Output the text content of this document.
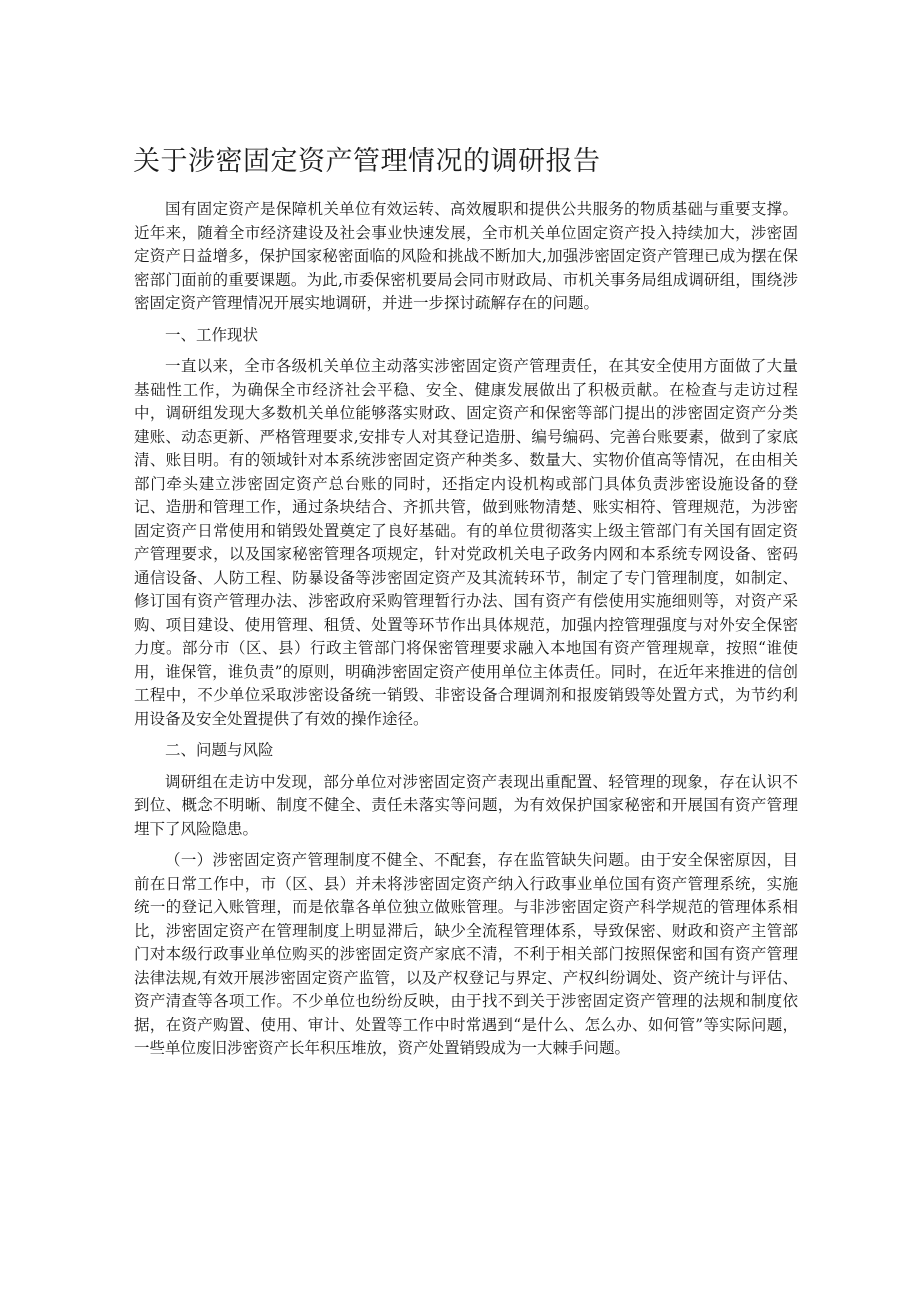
关于涉密固定资产管理情况的调研报告

国有固定资产是保障机关单位有效运转、高效履职和提供公共服务的物质基础与重要支撑。近年来，随着全市经济建设及社会事业快速发展，全市机关单位固定资产投入持续加大，涉密固定资产日益增多，保护国家秘密面临的风险和挑战不断加大,加强涉密固定资产管理已成为摆在保密部门面前的重要课题。为此,市委保密机要局会同市财政局、市机关事务局组成调研组，围绕涉密固定资产管理情况开展实地调研，并进一步探讨疏解存在的问题。

一、工作现状

一直以来，全市各级机关单位主动落实涉密固定资产管理责任，在其安全使用方面做了大量基础性工作，为确保全市经济社会平稳、安全、健康发展做出了积极贡献。在检查与走访过程中，调研组发现大多数机关单位能够落实财政、固定资产和保密等部门提出的涉密固定资产分类建账、动态更新、严格管理要求,安排专人对其登记造册、编号编码、完善台账要素，做到了家底清、账目明。有的领域针对本系统涉密固定资产种类多、数量大、实物价值高等情况，在由相关部门牵头建立涉密固定资产总台账的同时，还指定内设机构或部门具体负责涉密设施设备的登记、造册和管理工作，通过条块结合、齐抓共管，做到账物清楚、账实相符、管理规范，为涉密固定资产日常使用和销毁处置奠定了良好基础。有的单位贯彻落实上级主管部门有关国有固定资产管理要求，以及国家秘密管理各项规定，针对党政机关电子政务内网和本系统专网设备、密码通信设备、人防工程、防暴设备等涉密固定资产及其流转环节，制定了专门管理制度，如制定、修订国有资产管理办法、涉密政府采购管理暂行办法、国有资产有偿使用实施细则等，对资产采购、项目建设、使用管理、租赁、处置等环节作出具体规范，加强内控管理强度与对外安全保密力度。部分市（区、县）行政主管部门将保密管理要求融入本地国有资产管理规章，按照“谁使用，谁保管，谁负责”的原则，明确涉密固定资产使用单位主体责任。同时，在近年来推进的信创工程中，不少单位采取涉密设备统一销毁、非密设备合理调剂和报废销毁等处置方式，为节约利用设备及安全处置提供了有效的操作途径。

二、问题与风险

调研组在走访中发现，部分单位对涉密固定资产表现出重配置、轻管理的现象，存在认识不到位、概念不明晰、制度不健全、责任未落实等问题，为有效保护国家秘密和开展国有资产管理埋下了风险隐患。

（一）涉密固定资产管理制度不健全、不配套，存在监管缺失问题。由于安全保密原因，目前在日常工作中，市（区、县）并未将涉密固定资产纳入行政事业单位国有资产管理系统，实施统一的登记入账管理，而是依靠各单位独立做账管理。与非涉密固定资产科学规范的管理体系相比，涉密固定资产在管理制度上明显滞后，缺少全流程管理体系，导致保密、财政和资产主管部门对本级行政事业单位购买的涉密固定资产家底不清，不利于相关部门按照保密和国有资产管理法律法规,有效开展涉密固定资产监管，以及产权登记与界定、产权纠纷调处、资产统计与评估、资产清查等各项工作。不少单位也纷纷反映，由于找不到关于涉密固定资产管理的法规和制度依据，在资产购置、使用、审计、处置等工作中时常遇到“是什么、怎么办、如何管”等实际问题，一些单位废旧涉密资产长年积压堆放，资产处置销毁成为一大棘手问题。
